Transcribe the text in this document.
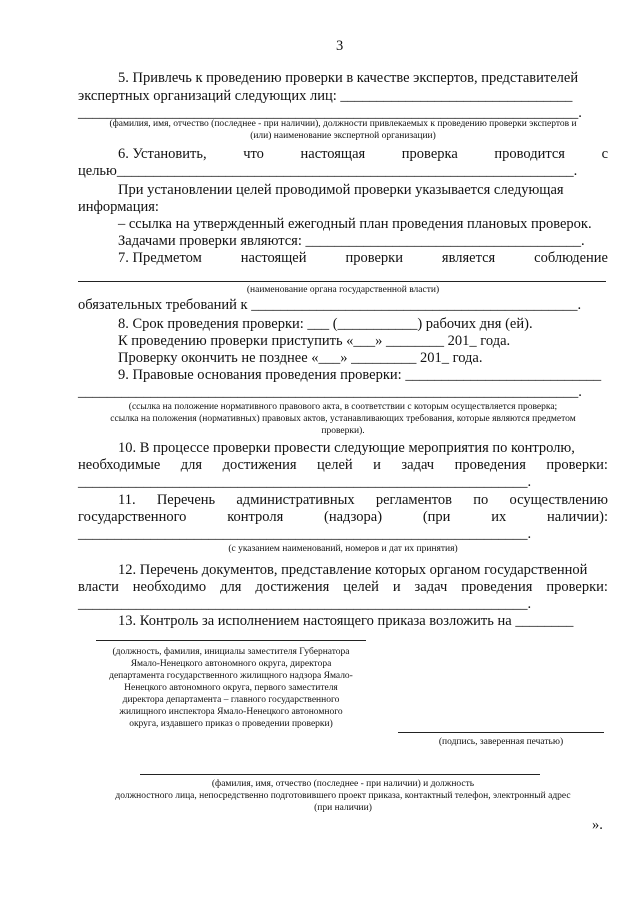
3
5. Привлечь к проведению проверки в качестве экспертов, представителей
экспертных организаций следующих лиц: ________________________________
_____________________________________________________________________.
(фамилия, имя, отчество (последнее - при наличии), должности привлекаемых к проведению проверки экспертов и
(или) наименование экспертной организации)
6. Установить,	что	настоящая	проверка	проводится	с
целью_______________________________________________________________.
При установлении целей проводимой проверки указывается следующая
информация:
– ссылка на утвержденный ежегодный план проведения плановых проверок.
Задачами проверки являются: ______________________________________.
7. Предметом	настоящей	проверки	является	соблюдение
(наименование органа государственной власти)
обязательных требований к _____________________________________________.
8. Срок проведения проверки: ___ (___________) рабочих дня (ей).
К проведению проверки приступить «___» ________ 201_ года.
Проверку окончить не позднее «___» _________ 201_ года.
9. Правовые основания проведения проверки: ___________________________
_____________________________________________________________________.
(ссылка на положение нормативного правового акта, в соответствии с которым осуществляется проверка;
ссылка на положения (нормативных) правовых актов, устанавливающих требования, которые являются предметом
проверки).
10. В процессе проверки провести следующие мероприятия по контролю,
необходимые для достижения целей и задач проведения проверки:
______________________________________________________________.
11. Перечень административных регламентов по осуществлению
государственного	контроля	(надзора)	(при	их	наличии):
______________________________________________________________.
(с указанием наименований, номеров и дат их принятия)
12. Перечень документов, представление которых органом государственной
власти необходимо для достижения целей и задач проведения проверки:
______________________________________________________________.
13. Контроль за исполнением настоящего приказа возложить на ________
(должность, фамилия, инициалы заместителя Губернатора
Ямало-Ненецкого автономного округа, директора
департамента государственного жилищного надзора Ямало-
Ненецкого автономного округа, первого заместителя
директора департамента – главного государственного
жилищного инспектора Ямало-Ненецкого автономного
округа, издавшего приказ о проведении проверки)
(подпись, заверенная печатью)
(фамилия, имя, отчество (последнее - при наличии) и должность
должностного лица, непосредственно подготовившего проект приказа, контактный телефон, электронный адрес
(при наличии)
».
